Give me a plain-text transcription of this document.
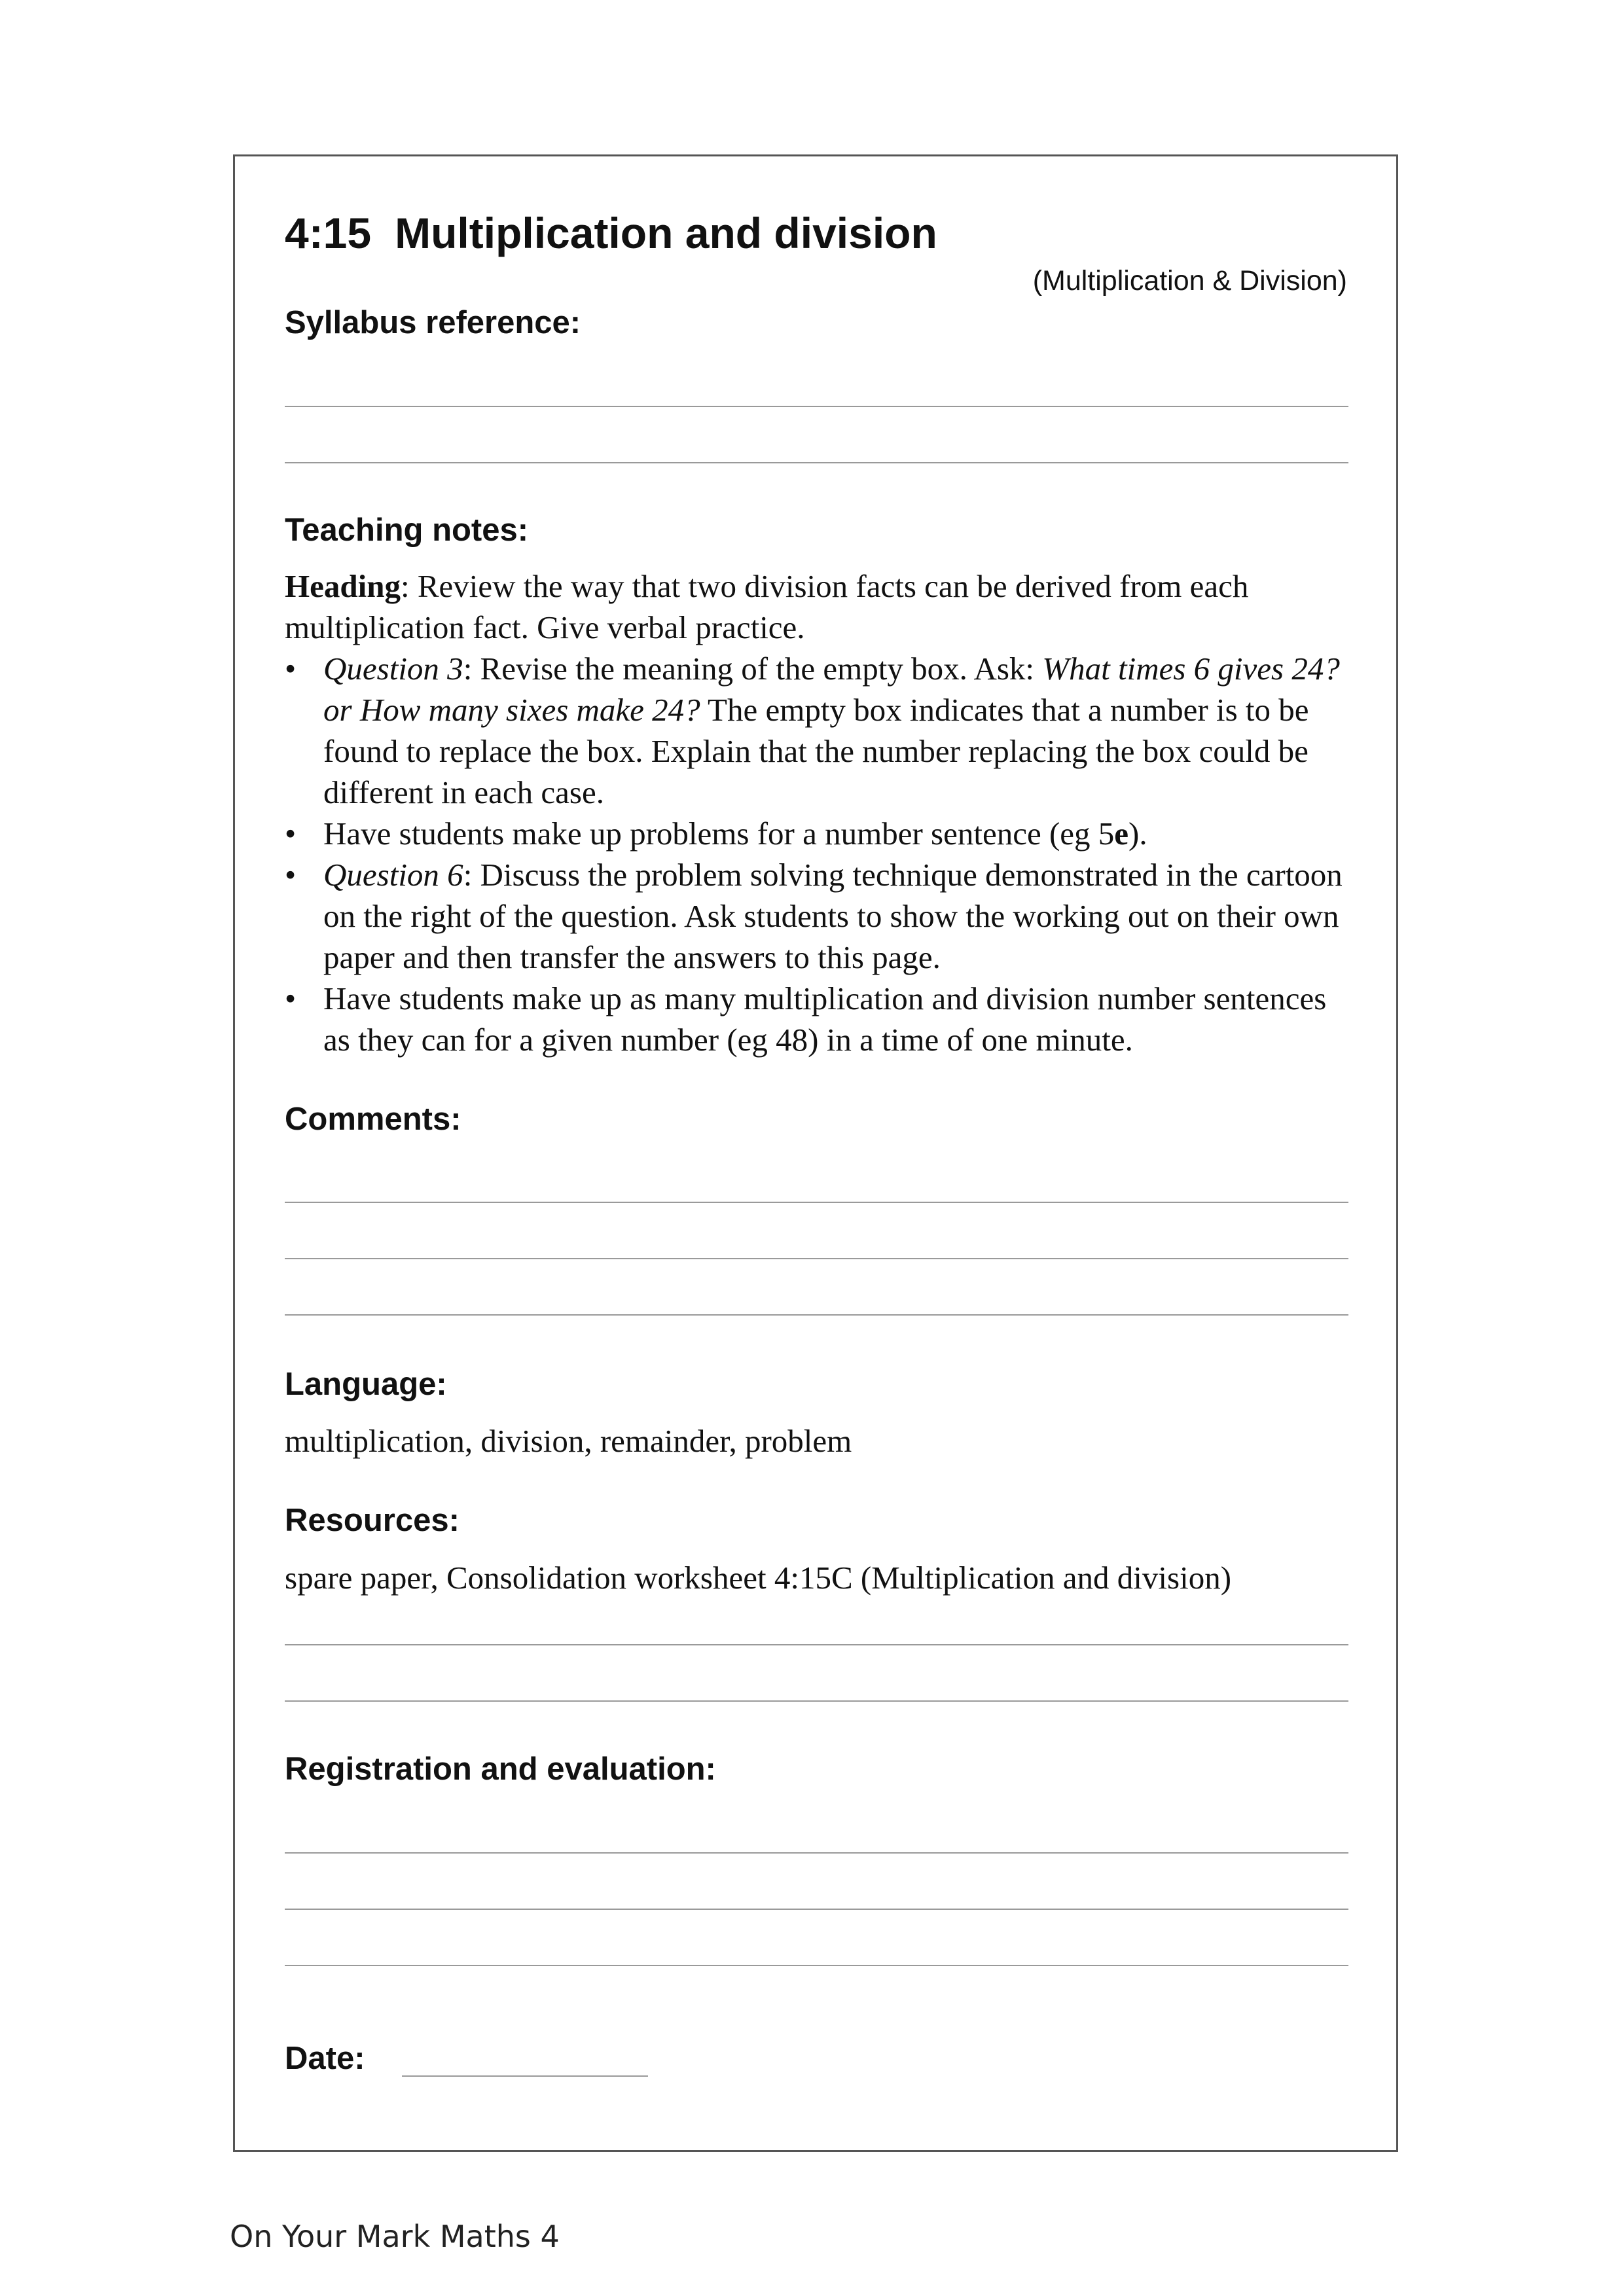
4:15 Multiplication and division
(Multiplication & Division)
Syllabus reference:
Teaching notes:

Heading: Review the way that two division facts can be derived from each multiplication fact. Give verbal practice.

• Question 3: Revise the meaning of the empty box. Ask: What times 6 gives 24? or How many sixes make 24? The empty box indicates that a number is to be found to replace the box. Explain that the number replacing the box could be different in each case.
• Have students make up problems for a number sentence (eg 5e).
• Question 6: Discuss the problem solving technique demonstrated in the cartoon on the right of the question. Ask students to show the working out on their own paper and then transfer the answers to this page.
• Have students make up as many multiplication and division number sentences as they can for a given number (eg 48) in a time of one minute.
Comments:
Language:
multiplication, division, remainder, problem
Resources:
spare paper, Consolidation worksheet 4:15C (Multiplication and division)
Registration and evaluation:
Date:
On Your Mark Maths 4
